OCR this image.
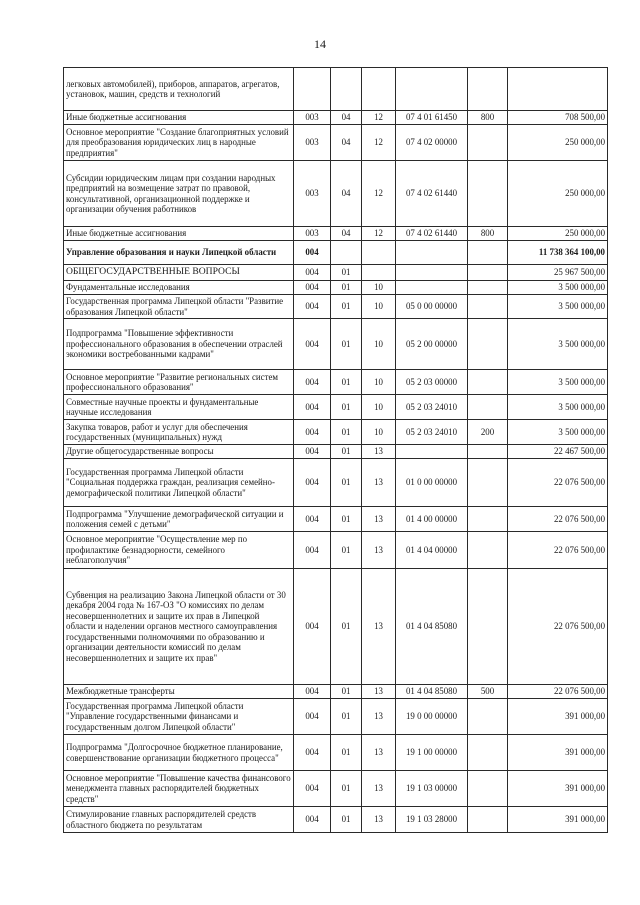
14
легковых автомобилей), приборов, аппаратов, агрегатов, установок, машин, средств и технологий						
Иные бюджетные ассигнования	003	04	12	07 4 01 61450	800	708 500,00
Основное мероприятие "Создание благоприятных условий для преобразования юридических лиц в народные предприятия"	003	04	12	07 4 02 00000		250 000,00
Субсидии юридическим лицам при создании народных предприятий на возмещение затрат по правовой, консультативной, организационной поддержке и организации обучения работников	003	04	12	07 4 02 61440		250 000,00
Иные бюджетные ассигнования	003	04	12	07 4 02 61440	800	250 000,00
Управление образования и науки Липецкой области	004					11 738 364 100,00
ОБЩЕГОСУДАРСТВЕННЫЕ ВОПРОСЫ	004	01				25 967 500,00
Фундаментальные исследования	004	01	10			3 500 000,00
Государственная программа Липецкой области "Развитие образования Липецкой области"	004	01	10	05 0 00 00000		3 500 000,00
Подпрограмма "Повышение эффективности профессионального образования в обеспечении отраслей экономики востребованными кадрами"	004	01	10	05 2 00 00000		3 500 000,00
Основное мероприятие "Развитие региональных систем профессионального образования"	004	01	10	05 2 03 00000		3 500 000,00
Совместные научные проекты и фундаментальные научные исследования	004	01	10	05 2 03 24010		3 500 000,00
Закупка товаров, работ и услуг для обеспечения государственных (муниципальных) нужд	004	01	10	05 2 03 24010	200	3 500 000,00
Другие общегосударственные вопросы	004	01	13			22 467 500,00
Государственная программа Липецкой области "Социальная поддержка граждан, реализация семейно-демографической политики Липецкой области"	004	01	13	01 0 00 00000		22 076 500,00
Подпрограмма "Улучшение демографической ситуации и положения семей с детьми"	004	01	13	01 4 00 00000		22 076 500,00
Основное мероприятие "Осуществление мер по профилактике безнадзорности, семейного неблагополучия"	004	01	13	01 4 04 00000		22 076 500,00
Субвенция на реализацию Закона Липецкой области от 30 декабря 2004 года № 167-ОЗ "О комиссиях по делам несовершеннолетних и защите их прав в Липецкой области и наделении органов местного самоуправления государственными полномочиями по образованию и организации деятельности комиссий по делам несовершеннолетних и защите их прав"	004	01	13	01 4 04 85080		22 076 500,00
Межбюджетные трансферты	004	01	13	01 4 04 85080	500	22 076 500,00
Государственная программа Липецкой области "Управление государственными финансами и государственным долгом Липецкой области"	004	01	13	19 0 00 00000		391 000,00
Подпрограмма "Долгосрочное бюджетное планирование, совершенствование организации бюджетного процесса"	004	01	13	19 1 00 00000		391 000,00
Основное мероприятие "Повышение качества финансового менеджмента главных распорядителей бюджетных средств"	004	01	13	19 1 03 00000		391 000,00
Стимулирование главных распорядителей средств областного бюджета по результатам	004	01	13	19 1 03 28000		391 000,00
